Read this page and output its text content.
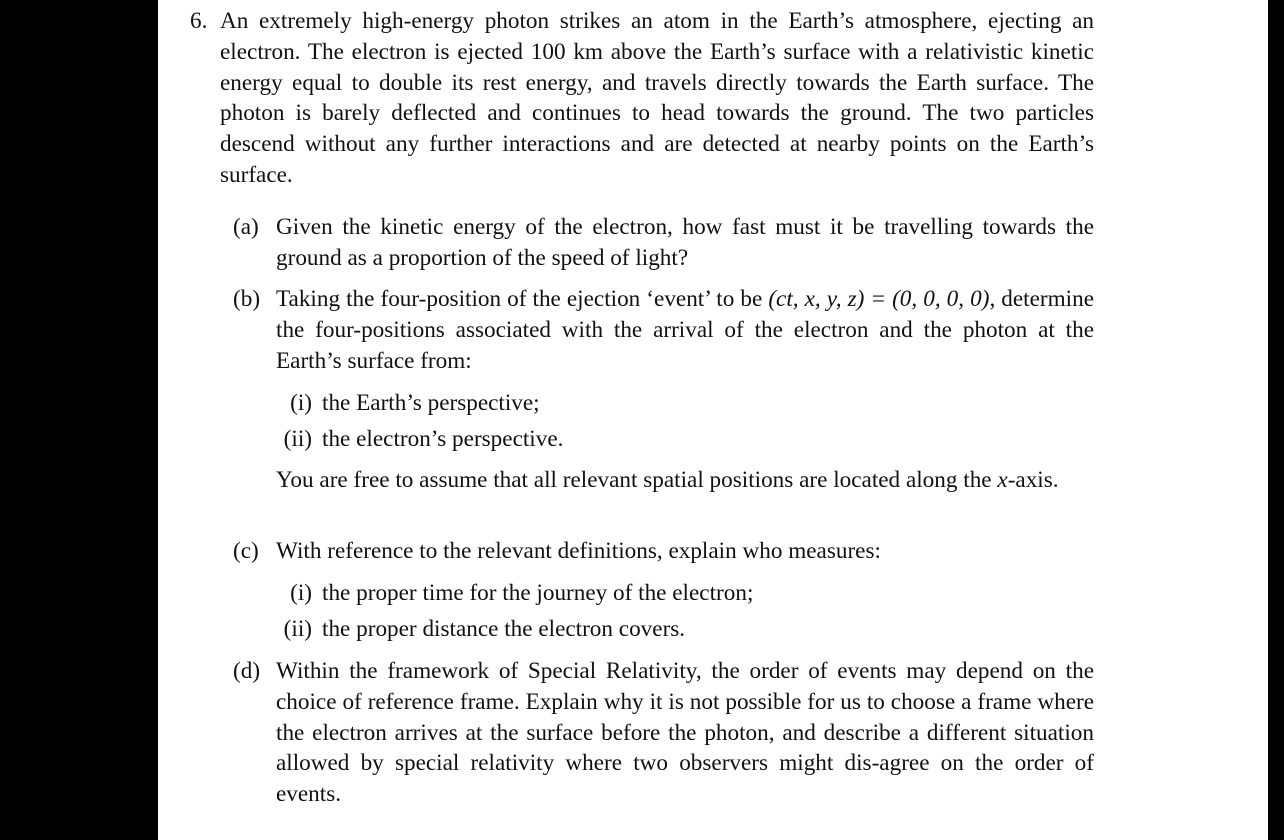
6. An extremely high-energy photon strikes an atom in the Earth’s atmosphere, ejecting an electron. The electron is ejected 100 km above the Earth’s surface with a relativistic kinetic energy equal to double its rest energy, and travels directly towards the Earth surface. The photon is barely deflected and continues to head towards the ground. The two particles descend without any further interactions and are detected at nearby points on the Earth’s surface.
(a) Given the kinetic energy of the electron, how fast must it be travelling towards the ground as a proportion of the speed of light?
(b) Taking the four-position of the ejection ‘event’ to be (ct, x, y, z) = (0, 0, 0, 0), determine the four-positions associated with the arrival of the electron and the photon at the Earth’s surface from:
(i) the Earth’s perspective;
(ii) the electron’s perspective.
You are free to assume that all relevant spatial positions are located along the x-axis.
(c) With reference to the relevant definitions, explain who measures:
(i) the proper time for the journey of the electron;
(ii) the proper distance the electron covers.
(d) Within the framework of Special Relativity, the order of events may depend on the choice of reference frame. Explain why it is not possible for us to choose a frame where the electron arrives at the surface before the photon, and describe a different situation allowed by special relativity where two observers might dis-agree on the order of events.
